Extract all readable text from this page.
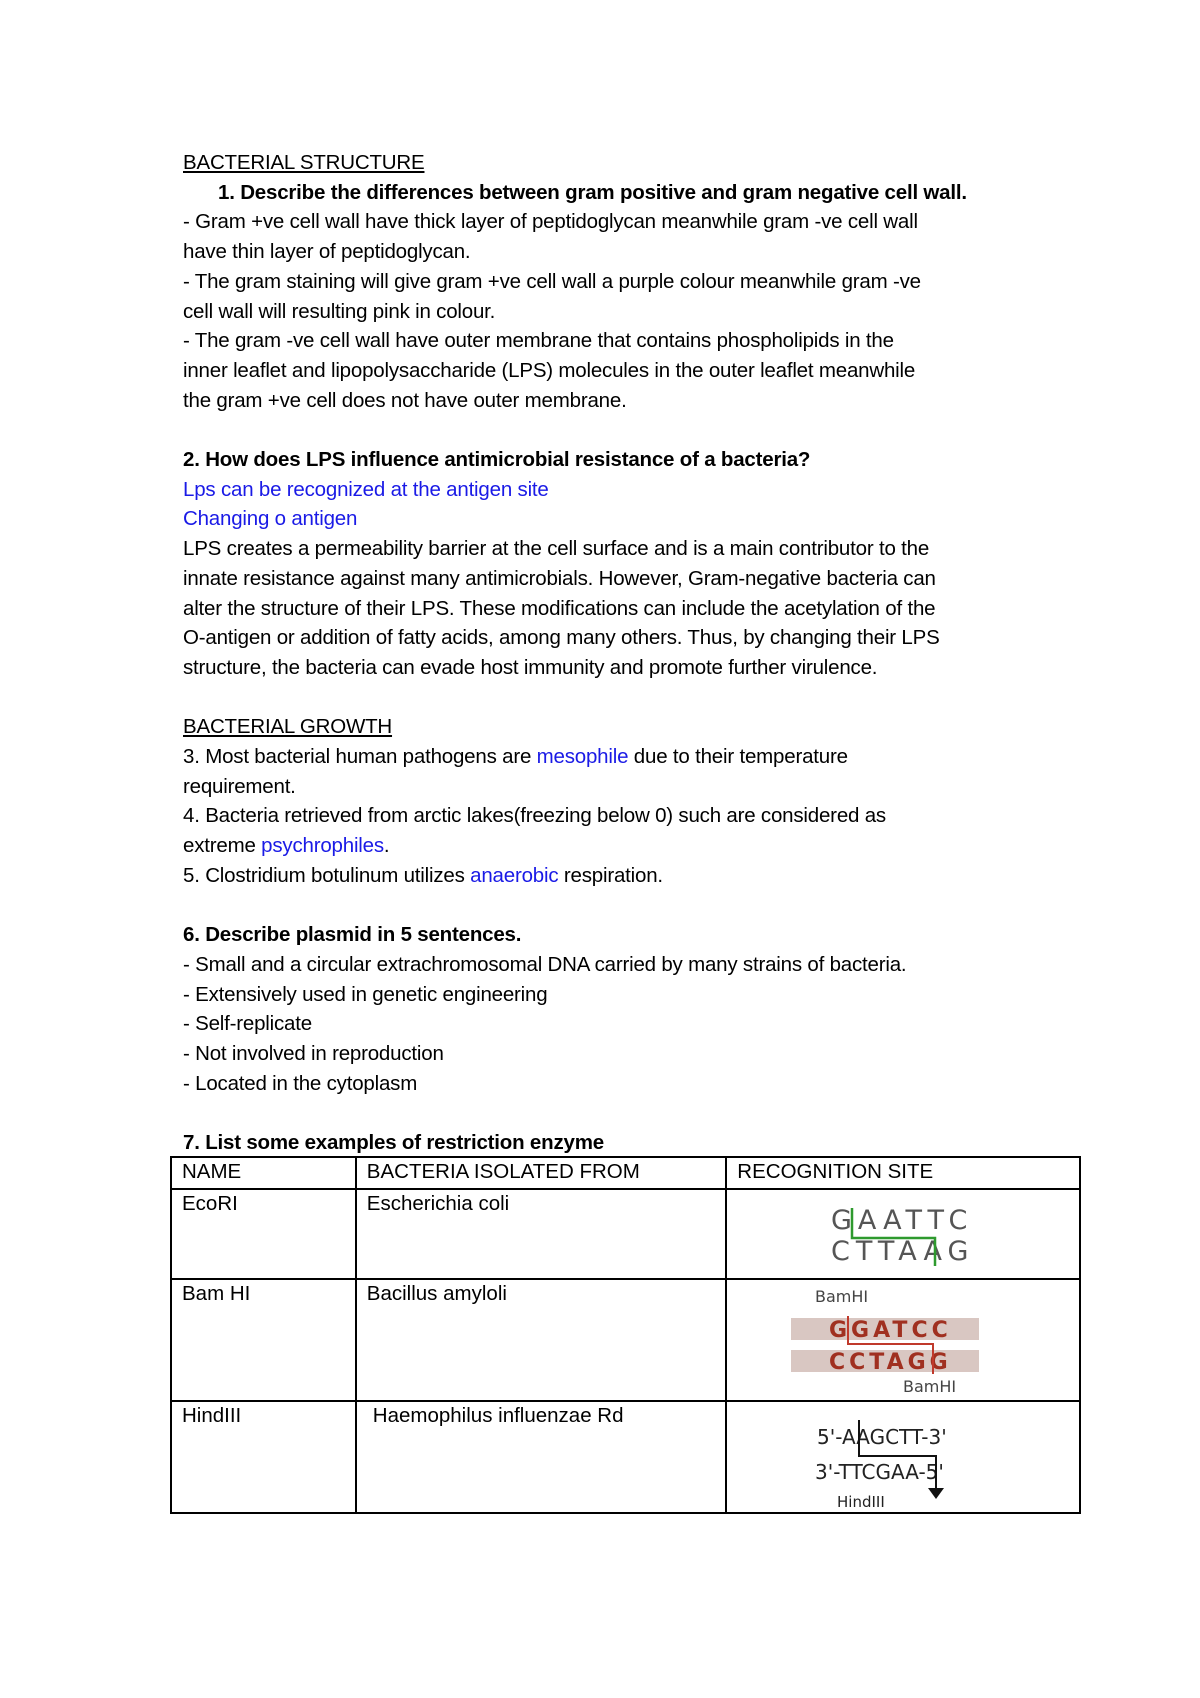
BACTERIAL STRUCTURE
1. Describe the differences between gram positive and gram negative cell wall.
- Gram +ve cell wall have thick layer of peptidoglycan meanwhile gram -ve cell wall
have thin layer of peptidoglycan.
- The gram staining will give gram +ve cell wall a purple colour meanwhile gram -ve
cell wall will resulting pink in colour.
- The gram -ve cell wall have outer membrane that contains phospholipids in the
inner leaflet and lipopolysaccharide (LPS) molecules in the outer leaflet meanwhile
the gram +ve cell does not have outer membrane.
2. How does LPS influence antimicrobial resistance of a bacteria?
Lps can be recognized at the antigen site
Changing o antigen
LPS creates a permeability barrier at the cell surface and is a main contributor to the
innate resistance against many antimicrobials. However, Gram-negative bacteria can
alter the structure of their LPS. These modifications can include the acetylation of the
O-antigen or addition of fatty acids, among many others. Thus, by changing their LPS
structure, the bacteria can evade host immunity and promote further virulence.
BACTERIAL GROWTH
3. Most bacterial human pathogens are mesophile due to their temperature
requirement.
4. Bacteria retrieved from arctic lakes(freezing below 0) such are considered as
extreme psychrophiles.
5. Clostridium botulinum utilizes anaerobic respiration.
6. Describe plasmid in 5 sentences.
- Small and a circular extrachromosomal DNA carried by many strains of bacteria.
- Extensively used in genetic engineering
- Self-replicate
- Not involved in reproduction
- Located in the cytoplasm
7. List some examples of restriction enzyme
NAME	BACTERIA ISOLATED FROM	RECOGNITION SITE
EcoRI	Escherichia coli	GAATTC
CTTAAG

Bam HI	Bacillus amyloli	BamHI
GGATCC
CCTAGG
BamHI

HindIII	Haemophilus influenzae Rd	5'-AAGCTT-3'
3'-TTCGAA-5'
HindIII
